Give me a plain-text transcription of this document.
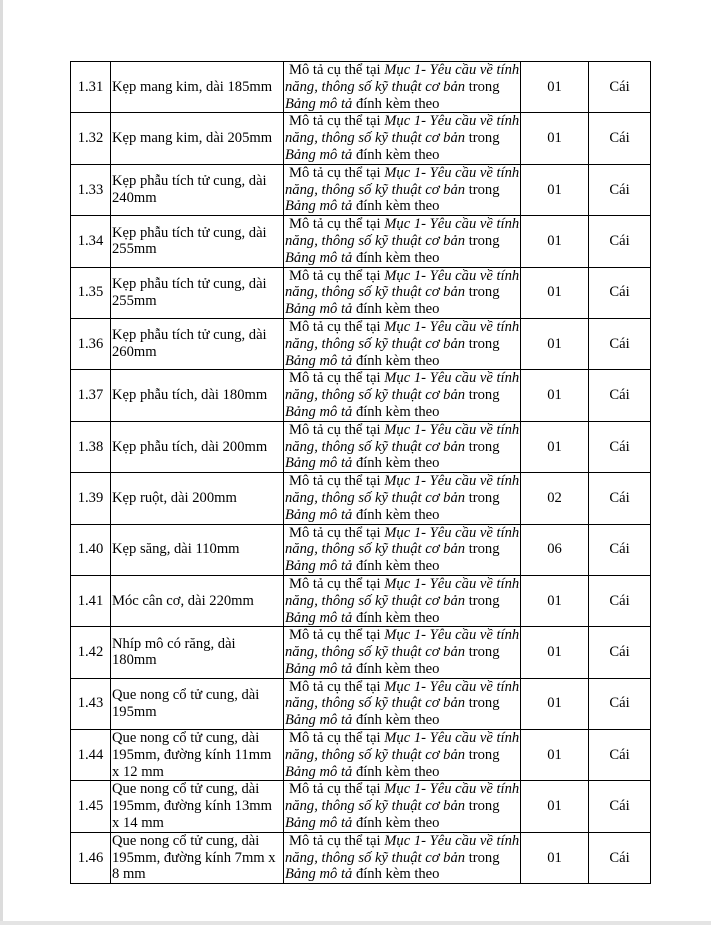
1.31	Kẹp mang kim, dài 185mm	Mô tả cụ thể tại Mục 1- Yêu cầu về tính
năng, thông số kỹ thuật cơ bản trong
Bảng mô tả đính kèm theo	01	Cái
1.32	Kẹp mang kim, dài 205mm	Mô tả cụ thể tại Mục 1- Yêu cầu về tính
năng, thông số kỹ thuật cơ bản trong
Bảng mô tả đính kèm theo	01	Cái
1.33	Kẹp phẫu tích tử cung, dài 240mm	Mô tả cụ thể tại Mục 1- Yêu cầu về tính
năng, thông số kỹ thuật cơ bản trong
Bảng mô tả đính kèm theo	01	Cái
1.34	Kẹp phẫu tích tử cung, dài 255mm	Mô tả cụ thể tại Mục 1- Yêu cầu về tính
năng, thông số kỹ thuật cơ bản trong
Bảng mô tả đính kèm theo	01	Cái
1.35	Kẹp phẫu tích tử cung, dài 255mm	Mô tả cụ thể tại Mục 1- Yêu cầu về tính
năng, thông số kỹ thuật cơ bản trong
Bảng mô tả đính kèm theo	01	Cái
1.36	Kẹp phẫu tích tử cung, dài 260mm	Mô tả cụ thể tại Mục 1- Yêu cầu về tính
năng, thông số kỹ thuật cơ bản trong
Bảng mô tả đính kèm theo	01	Cái
1.37	Kẹp phẫu tích, dài 180mm	Mô tả cụ thể tại Mục 1- Yêu cầu về tính
năng, thông số kỹ thuật cơ bản trong
Bảng mô tả đính kèm theo	01	Cái
1.38	Kẹp phẫu tích, dài 200mm	Mô tả cụ thể tại Mục 1- Yêu cầu về tính
năng, thông số kỹ thuật cơ bản trong
Bảng mô tả đính kèm theo	01	Cái
1.39	Kẹp ruột, dài 200mm	Mô tả cụ thể tại Mục 1- Yêu cầu về tính
năng, thông số kỹ thuật cơ bản trong
Bảng mô tả đính kèm theo	02	Cái
1.40	Kẹp săng, dài 110mm	Mô tả cụ thể tại Mục 1- Yêu cầu về tính
năng, thông số kỹ thuật cơ bản trong
Bảng mô tả đính kèm theo	06	Cái
1.41	Móc cân cơ, dài 220mm	Mô tả cụ thể tại Mục 1- Yêu cầu về tính
năng, thông số kỹ thuật cơ bản trong
Bảng mô tả đính kèm theo	01	Cái
1.42	Nhíp mô có răng, dài 180mm	Mô tả cụ thể tại Mục 1- Yêu cầu về tính
năng, thông số kỹ thuật cơ bản trong
Bảng mô tả đính kèm theo	01	Cái
1.43	Que nong cổ tử cung, dài 195mm	Mô tả cụ thể tại Mục 1- Yêu cầu về tính
năng, thông số kỹ thuật cơ bản trong
Bảng mô tả đính kèm theo	01	Cái
1.44	Que nong cổ tử cung, dài 195mm, đường kính 11mm x 12 mm	Mô tả cụ thể tại Mục 1- Yêu cầu về tính
năng, thông số kỹ thuật cơ bản trong
Bảng mô tả đính kèm theo	01	Cái
1.45	Que nong cổ tử cung, dài 195mm, đường kính 13mm x 14 mm	Mô tả cụ thể tại Mục 1- Yêu cầu về tính
năng, thông số kỹ thuật cơ bản trong
Bảng mô tả đính kèm theo	01	Cái
1.46	Que nong cổ tử cung, dài 195mm, đường kính 7mm x 8 mm	Mô tả cụ thể tại Mục 1- Yêu cầu về tính
năng, thông số kỹ thuật cơ bản trong
Bảng mô tả đính kèm theo	01	Cái
